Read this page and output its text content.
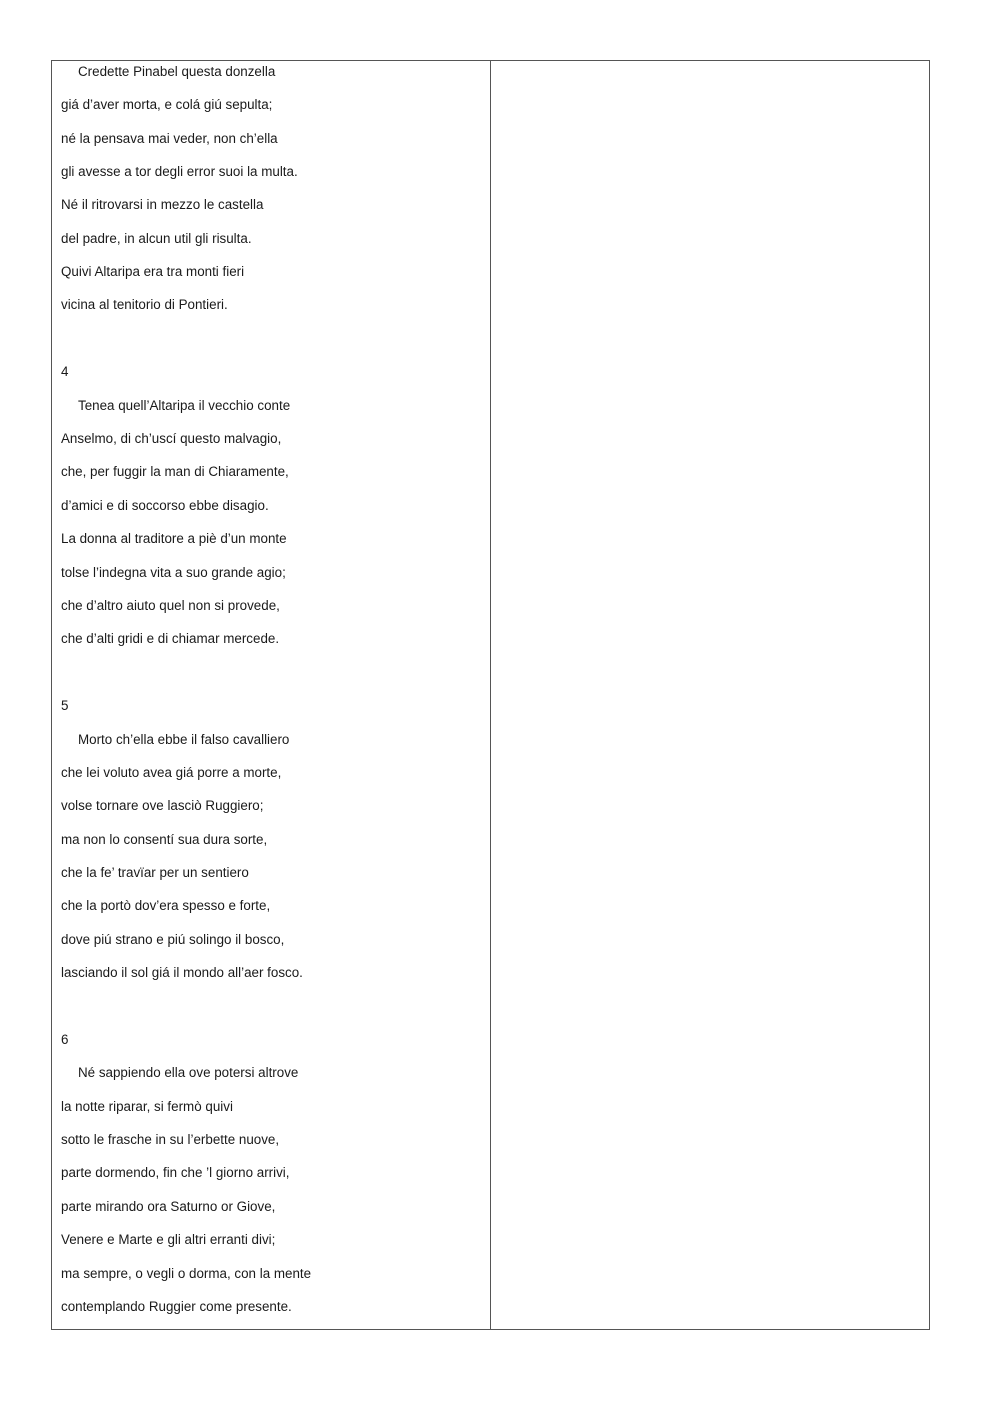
Credette Pinabel questa donzella
giá d’aver morta, e colá giú sepulta;
né la pensava mai veder, non ch’ella
gli avesse a tor degli error suoi la multa.
Né il ritrovarsi in mezzo le castella
del padre, in alcun util gli risulta.
Quivi Altaripa era tra monti fieri
vicina al tenitorio di Pontieri.
4
Tenea quell’Altaripa il vecchio conte
Anselmo, di ch’uscí questo malvagio,
che, per fuggir la man di Chiaramente,
d’amici e di soccorso ebbe disagio.
La donna al traditore a piè d’un monte
tolse l’indegna vita a suo grande agio;
che d’altro aiuto quel non si provede,
che d’alti gridi e di chiamar mercede.
5
Morto ch’ella ebbe il falso cavalliero
che lei voluto avea giá porre a morte,
volse tornare ove lasciò Ruggiero;
ma non lo consentí sua dura sorte,
che la fe’ travïar per un sentiero
che la portò dov’era spesso e forte,
dove piú strano e piú solingo il bosco,
lasciando il sol giá il mondo all’aer fosco.
6
Né sappiendo ella ove potersi altrove
la notte riparar, si fermò quivi
sotto le frasche in su l’erbette nuove,
parte dormendo, fin che ’l giorno arrivi,
parte mirando ora Saturno or Giove,
Venere e Marte e gli altri erranti divi;
ma sempre, o vegli o dorma, con la mente
contemplando Ruggier come presente.
